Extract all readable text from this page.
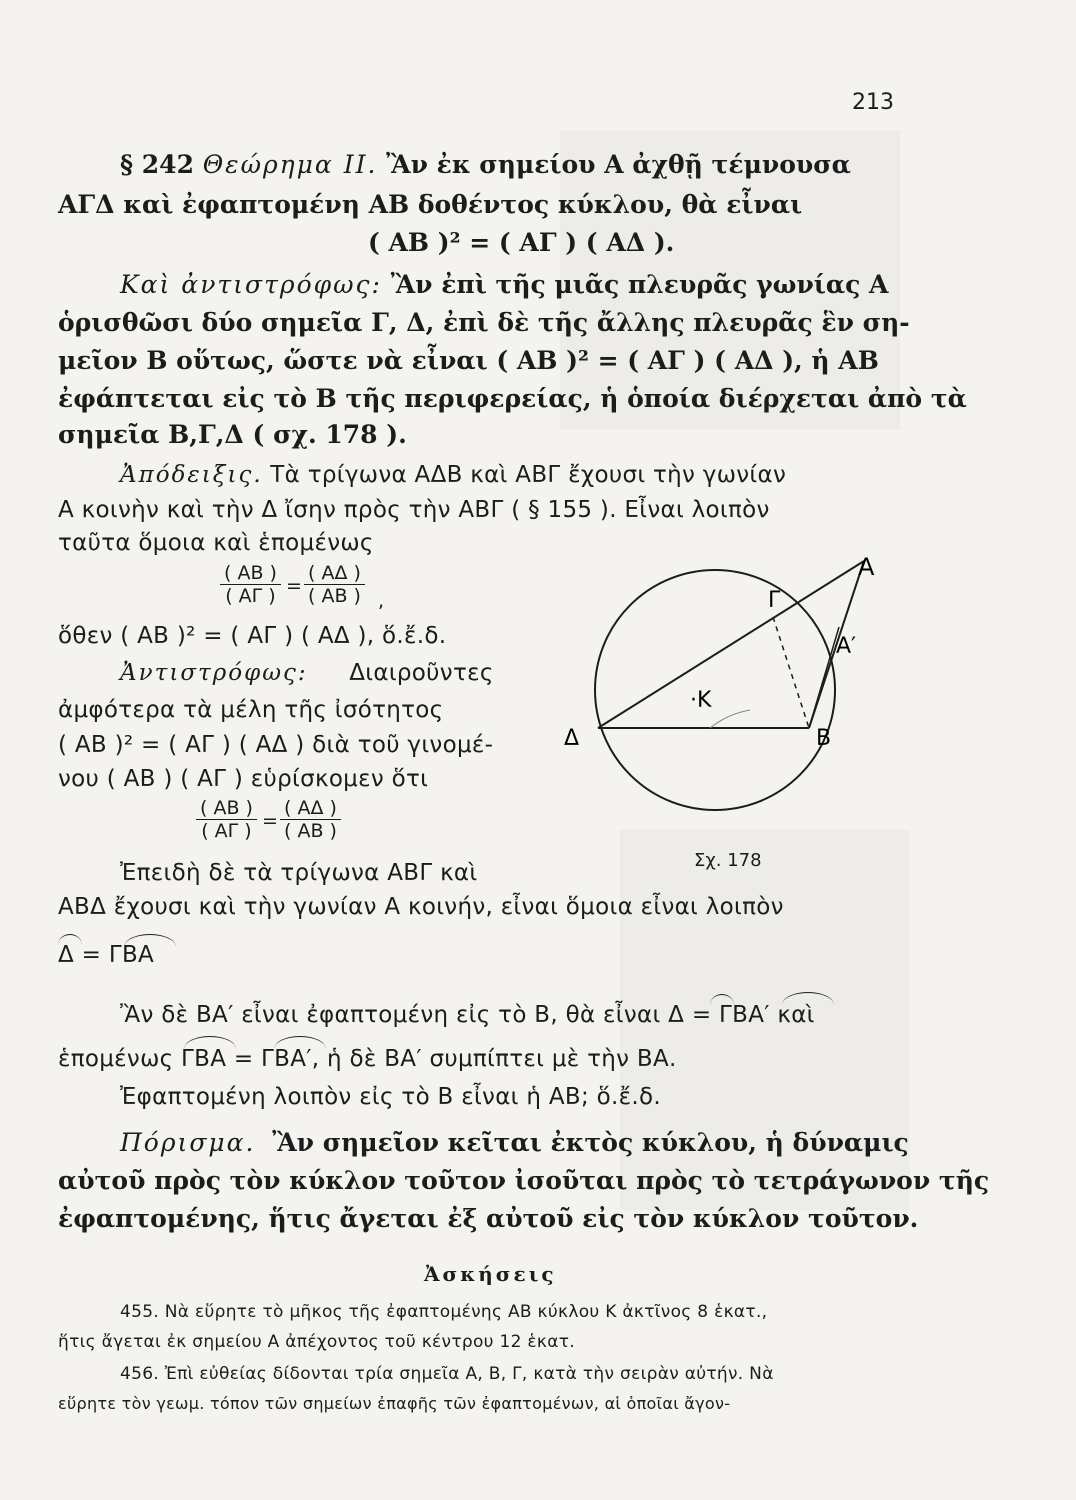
213
§ 242 Θεώρημα ΙΙ. Ἂν ἐκ σημείου Α ἀχθῇ τέμνουσα
ΑΓΔ καὶ ἐφαπτομένη ΑΒ δοθέντος κύκλου, θὰ εἶναι
( ΑΒ )² = ( ΑΓ ) ( ΑΔ ).
Καὶ ἀντιστρόφως: Ἂν ἐπὶ τῆς μιᾶς πλευρᾶς γωνίας Α
ὁρισθῶσι δύο σημεῖα Γ, Δ, ἐπὶ δὲ τῆς ἄλλης πλευρᾶς ἓν ση-
μεῖον Β οὕτως, ὥστε νὰ εἶναι ( ΑΒ )² = ( ΑΓ ) ( ΑΔ ), ἡ ΑΒ
ἐφάπτεται εἰς τὸ Β τῆς περιφερείας, ἡ ὁποία διέρχεται ἀπὸ τὰ
σημεῖα Β,Γ,Δ ( σχ. 178 ).
Ἀπόδειξις. Τὰ τρίγωνα ΑΔΒ καὶ ΑΒΓ ἔχουσι τὴν γωνίαν
Α κοινὴν καὶ τὴν Δ ἴσην πρὸς τὴν ΑΒΓ ( § 155 ). Εἶναι λοιπὸν
ταῦτα ὅμοια καὶ ἑπομένως
$\frac{( AB )}{( A\Gamma )} = \frac{( A\Delta )}{( AB )}$ ,
ὅθεν ( ΑΒ )² = ( ΑΓ ) ( ΑΔ ), ὅ.ἔ.δ.
Ἀντιστρόφως: Διαιροῦντες
ἀμφότερα τὰ μέλη τῆς ἰσότητος
( ΑΒ )² = ( ΑΓ ) ( ΑΔ ) διὰ τοῦ γινομέ-
νου ( ΑΒ ) ( ΑΓ ) εὑρίσκομεν ὅτι
$\frac{( AB )}{( A\Gamma )} = \frac{( A\Delta )}{( AB )}$
Ἐπειδὴ δὲ τὰ τρίγωνα ΑΒΓ καὶ
ΑΒΔ ἔχουσι καὶ τὴν γωνίαν Α κοινήν, εἶναι ὅμοια εἶναι λοιπὸν
Δ = ΓΒΑ
Ἂν δὲ ΒΑ′ εἶναι ἐφαπτομένη εἰς τὸ Β, θὰ εἶναι Δ = ΓΒΑ′ καὶ
ἑπομένως ΓΒΑ = ΓΒΑ′, ἡ δὲ ΒΑ′ συμπίπτει μὲ τὴν ΒΑ.
Ἐφαπτομένη λοιπὸν εἰς τὸ Β εἶναι ἡ ΑΒ; ὅ.ἔ.δ.
Πόρισμα. Ἂν σημεῖον κεῖται ἐκτὸς κύκλου, ἡ δύναμις
αὐτοῦ πρὸς τὸν κύκλον τοῦτον ἰσοῦται πρὸς τὸ τετράγωνον τῆς
ἐφαπτομένης, ἥτις ἄγεται ἐξ αὐτοῦ εἰς τὸν κύκλον τοῦτον.
Ἀσκήσεις
455. Νὰ εὕρητε τὸ μῆκος τῆς ἐφαπτομένης ΑΒ κύκλου Κ ἀκτῖνος 8 ἑκατ.,
ἥτις ἄγεται ἐκ σημείου Α ἀπέχοντος τοῦ κέντρου 12 ἑκατ.
456. Ἐπὶ εὐθείας δίδονται τρία σημεῖα Α, Β, Γ, κατὰ τὴν σειρὰν αὐτήν. Νὰ
εὕρητε τὸν γεωμ. τόπον τῶν σημείων ἐπαφῆς τῶν ἐφαπτομένων, αἱ ὁποῖαι ἄγον-
Α
Α′
Γ
·Κ
Δ	Β
Σχ. 178
